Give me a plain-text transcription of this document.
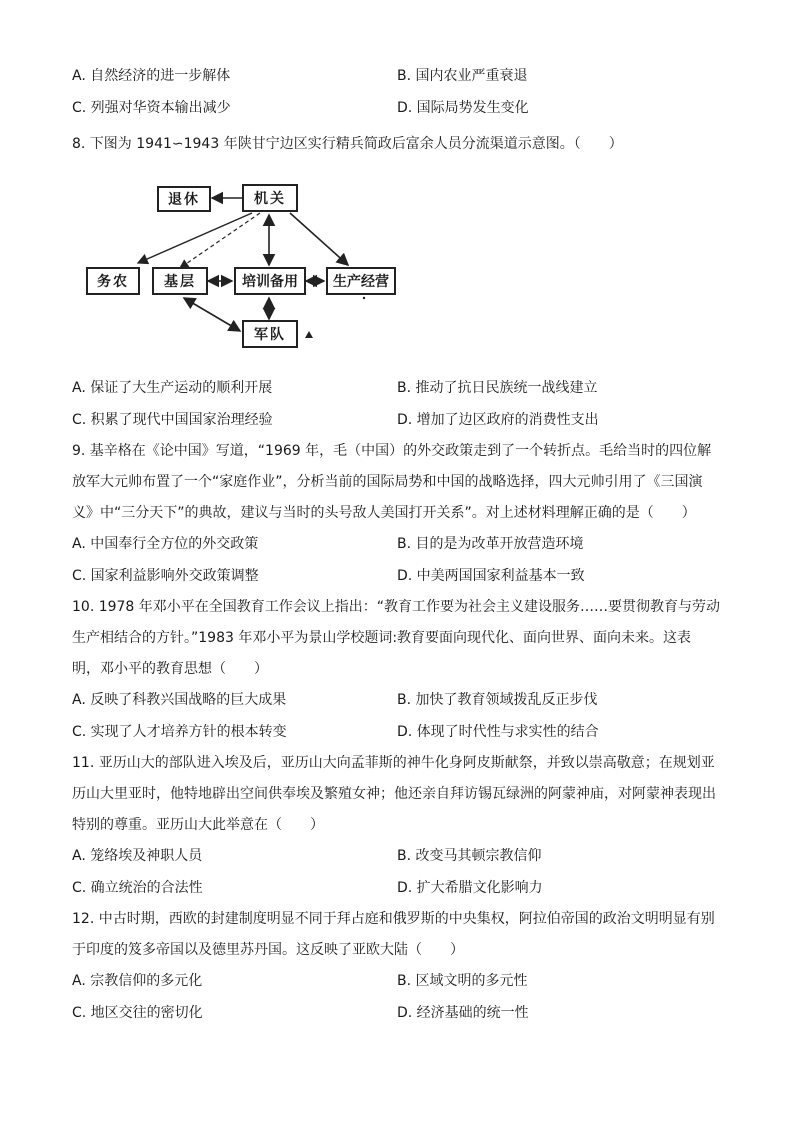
A. 自然经济的进一步解体	B. 国内农业严重衰退
C. 列强对华资本输出减少	D. 国际局势发生变化
8. 下图为 1941∽1943 年陕甘宁边区实行精兵简政后富余人员分流渠道示意图。（　　）
退休	机关
务农	基层	培训备用	生产经营
军队
A. 保证了大生产运动的顺利开展	B. 推动了抗日民族统一战线建立
C. 积累了现代中国国家治理经验	D. 增加了边区政府的消费性支出
9. 基辛格在《论中国》写道，“1969 年，毛（中国）的外交政策走到了一个转折点。毛给当时的四位解
放军大元帅布置了一个“家庭作业”，分析当前的国际局势和中国的战略选择，四大元帅引用了《三国演
义》中“三分天下”的典故，建议与当时的头号敌人美国打开关系”。对上述材料理解正确的是（　　）
A. 中国奉行全方位的外交政策	B. 目的是为改革开放营造环境
C. 国家利益影响外交政策调整	D. 中美两国国家利益基本一致
10. 1978 年邓小平在全国教育工作会议上指出：“教育工作要为社会主义建设服务……要贯彻教育与劳动
生产相结合的方针。”1983 年邓小平为景山学校题词:教育要面向现代化、面向世界、面向未来。这表
明，邓小平的教育思想（　　）
A. 反映了科教兴国战略的巨大成果	B. 加快了教育领域拨乱反正步伐
C. 实现了人才培养方针的根本转变	D. 体现了时代性与求实性的结合
11. 亚历山大的部队进入埃及后，亚历山大向孟菲斯的神牛化身阿皮斯献祭，并致以崇高敬意；在规划亚
历山大里亚时，他特地辟出空间供奉埃及繁殖女神；他还亲自拜访锡瓦绿洲的阿蒙神庙，对阿蒙神表现出
特别的尊重。亚历山大此举意在（　　）
A. 笼络埃及神职人员	B. 改变马其顿宗教信仰
C. 确立统治的合法性	D. 扩大希腊文化影响力
12. 中古时期，西欧的封建制度明显不同于拜占庭和俄罗斯的中央集权，阿拉伯帝国的政治文明明显有别
于印度的笈多帝国以及德里苏丹国。这反映了亚欧大陆（　　）
A. 宗教信仰的多元化	B. 区域文明的多元性
C. 地区交往的密切化	D. 经济基础的统一性
